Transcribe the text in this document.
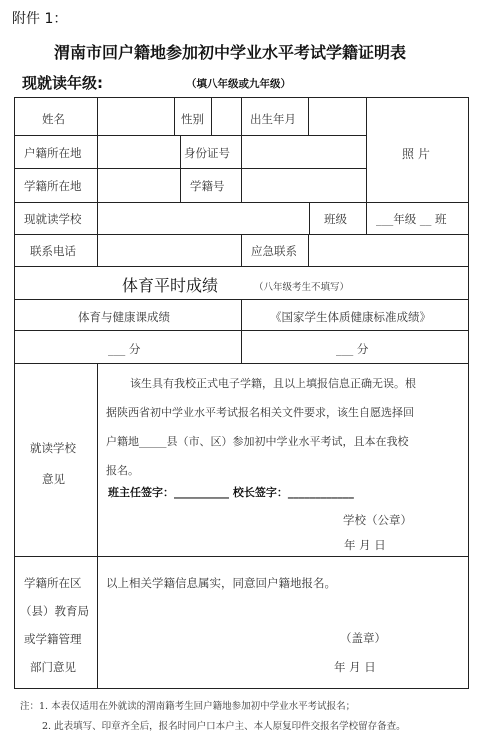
附件 1：
渭南市回户籍地参加初中学业水平考试学籍证明表
现就读年级:	（填八年级或九年级）
姓名	性别	出生年月
照 片
户籍所在地	身份证号
学籍所在地	学籍号
现就读学校	班级	___年级 __ 班
联系电话	应急联系
体育平时成绩	（八年级考生不填写）
体育与健康课成绩	《国家学生体质健康标准成绩》
___ 分	___ 分
就读学校
意见
该生具有我校正式电子学籍，且以上填报信息正确无误。根
据陕西省初中学业水平考试报名相关文件要求，该生自愿选择回
户籍地_____县（市、区）参加初中学业水平考试，且本在我校
报名。
班主任签字：__________ 校长签字：____________
学校（公章）
年 月 日
学籍所在区
（县）教育局
或学籍管理
部门意见
以上相关学籍信息属实，同意回户籍地报名。
（盖章）
年 月 日
注：1. 本表仅适用在外就读的渭南籍考生回户籍地参加初中学业水平考试报名；
2. 此表填写、印章齐全后，报名时同户口本户主、本人原复印件交报名学校留存备查。
